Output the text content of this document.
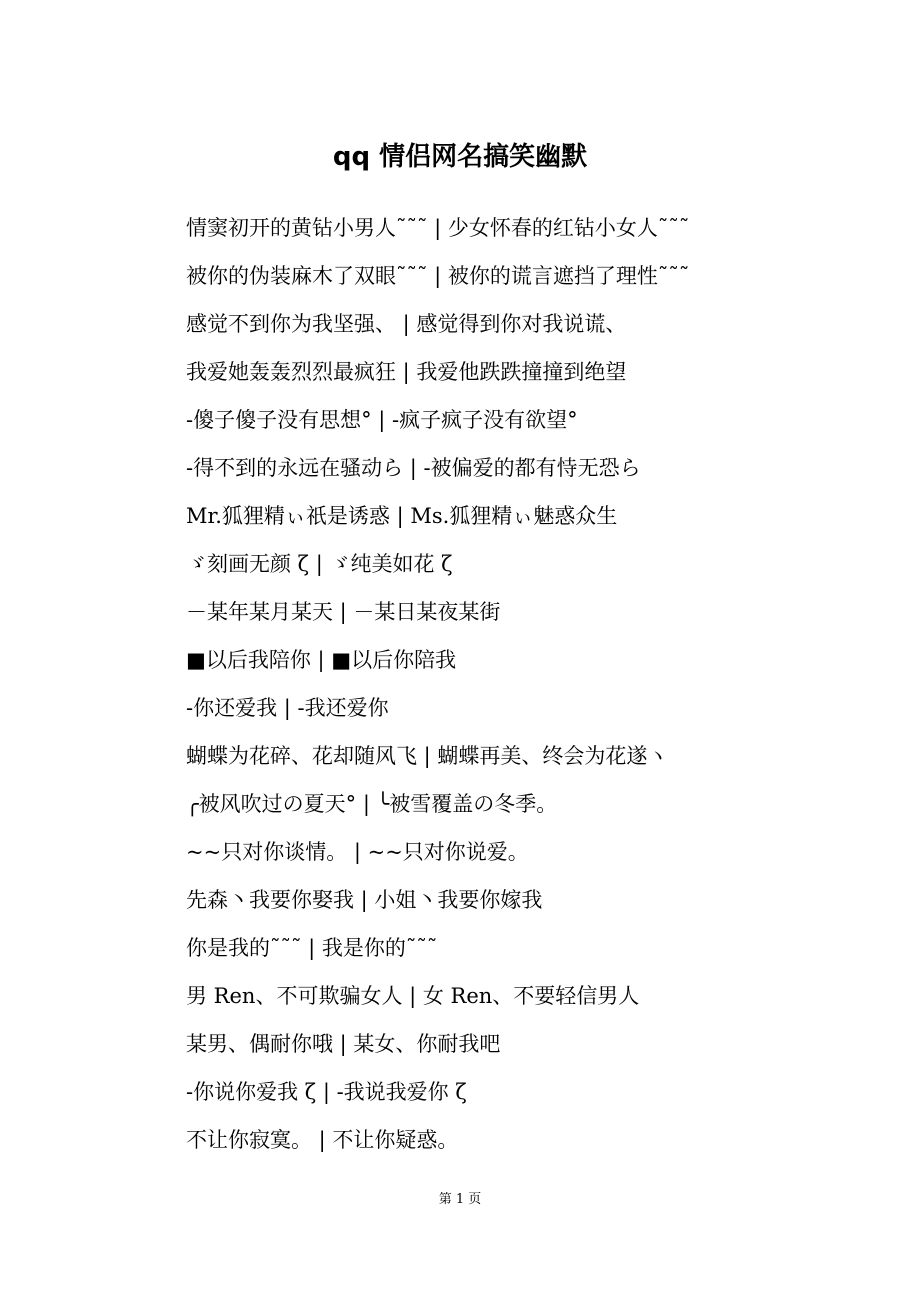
qq 情侣网名搞笑幽默
情窦初开的黄钻小男人˜˜˜ | 少女怀春的红钻小女人˜˜˜
被你的伪装麻木了双眼˜˜˜ | 被你的谎言遮挡了理性˜˜˜
感觉不到你为我坚强、 | 感觉得到你对我说谎、
我爱她轰轰烈烈最疯狂 | 我爱他跌跌撞撞到绝望
-傻子傻子没有思想° | -疯子疯子没有欲望°
-得不到的永远在骚动ら | -被偏爱的都有恃无恐ら
Mr.狐狸精ぃ祇是诱惑 | Ms.狐狸精ぃ魅惑众生
ゞ刻画无颜 ζ | ゞ纯美如花 ζ
－某年某月某天 | －某日某夜某街
■以后我陪你 | ■以后你陪我
-你还爱我 | -我还爱你
蝴蝶为花碎、花却随风飞 | 蝴蝶再美、终会为花遂ヽ
╭被风吹过の夏天° | ╰被雪覆盖の冬季。
~~只对你谈情。 | ~~只对你说爱。
先森丶我要你娶我 | 小姐丶我要你嫁我
你是我的˜˜˜ | 我是你的˜˜˜
男 Ren、不可欺骗女人 | 女 Ren、不要轻信男人
某男、偶耐你哦 | 某女、你耐我吧
-你说你爱我 ζ | -我说我爱你 ζ
不让你寂寞。 | 不让你疑惑。
第 1 页
